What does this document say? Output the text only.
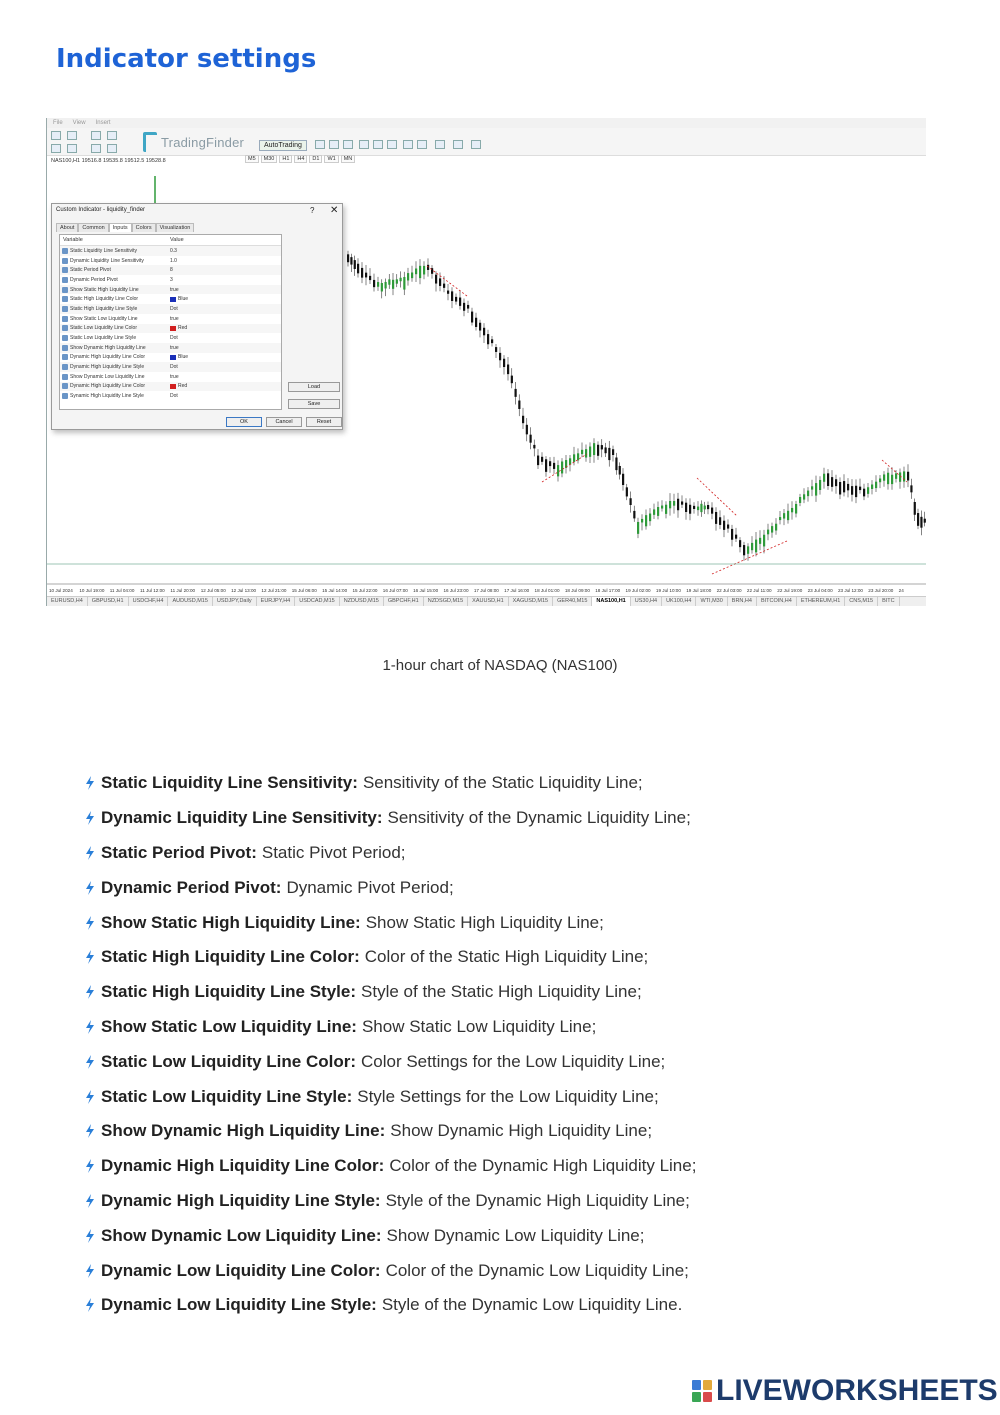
Indicator settings
File View Insert
TradingFinder	AutoTrading
M5	M30	H1	H4	D1	W1	MN
NAS100,H1 19516.8 19535.8 19512.5 19528.8
10 Jul 2024 10 Jul 19:00 11 Jul 04:00 11 Jul 12:00 11 Jul 20:00 12 Jul 05:00 12 Jul 13:00 12 Jul 21:00 15 Jul 06:00 15 Jul 14:00 15 Jul 22:00 16 Jul 07:00 16 Jul 15:00 16 Jul 23:00 17 Jul 08:00 17 Jul 16:00 18 Jul 01:00 18 Jul 09:00 18 Jul 17:00 19 Jul 02:00 19 Jul 10:00 19 Jul 18:00 22 Jul 03:00 22 Jul 11:00 22 Jul 19:00 23 Jul 04:00 23 Jul 12:00 23 Jul 20:00 24
Custom Indicator - liquidity_finder	? ✕
About	Common	Inputs	Colors	Visualization
Variable	Value
Static Liquidity Line Sensitivity	0.3
Dynamic Liquidity Line Sensitivity	1.0
Static Period Pivot	8
Dynamic Period Pivot	3
Show Static High Liquidity Line	true
Static High Liquidity Line Color	Blue
Static High Liquidity Line Style	Dot
Show Static Low Liquidity Line	true
Static Low Liquidity Line Color	Red
Static Low Liquidity Line Style	Dot
Show Dynamic High Liquidity Line	true
Dynamic High Liquidity Line Color	Blue
Dynamic High Liquidity Line Style	Dot
Show Dynamic Low Liquidity Line	true
Dynamic High Liquidity Line Color	Red
Synamic High Liquidity Line Style	Dot
Load
Save
OK	Cancel	Reset
EURUSD,H4	GBPUSD,H1	USDCHF,H4	AUDUSD,M15	USDJPY,Daily	EURJPY,H4	USDCAD,M15	NZDUSD,M15	GBPCHF,H1	NZDSGD,M15	XAUUSD,H1	XAGUSD,M15	GER40,M15	NAS100,H1	US30,H4	UK100,H4	WTI,M30	BRN,H4	BITCOIN,H4	ETHEREUM,H1	CNS,M15	BITC
1-hour chart of NASDAQ (NAS100)
Static Liquidity Line Sensitivity: Sensitivity of the Static Liquidity Line;
Dynamic Liquidity Line Sensitivity: Sensitivity of the Dynamic Liquidity Line;
Static Period Pivot: Static Pivot Period;
Dynamic Period Pivot: Dynamic Pivot Period;
Show Static High Liquidity Line: Show Static High Liquidity Line;
Static High Liquidity Line Color: Color of the Static High Liquidity Line;
Static High Liquidity Line Style: Style of the Static High Liquidity Line;
Show Static Low Liquidity Line: Show Static Low Liquidity Line;
Static Low Liquidity Line Color: Color Settings for the Low Liquidity Line;
Static Low Liquidity Line Style: Style Settings for the Low Liquidity Line;
Show Dynamic High Liquidity Line: Show Dynamic High Liquidity Line;
Dynamic High Liquidity Line Color: Color of the Dynamic High Liquidity Line;
Dynamic High Liquidity Line Style: Style of the Dynamic High Liquidity Line;
Show Dynamic Low Liquidity Line: Show Dynamic Low Liquidity Line;
Dynamic Low Liquidity Line Color: Color of the Dynamic Low Liquidity Line;
Dynamic Low Liquidity Line Style: Style of the Dynamic Low Liquidity Line.
LIVEWORKSHEETS
